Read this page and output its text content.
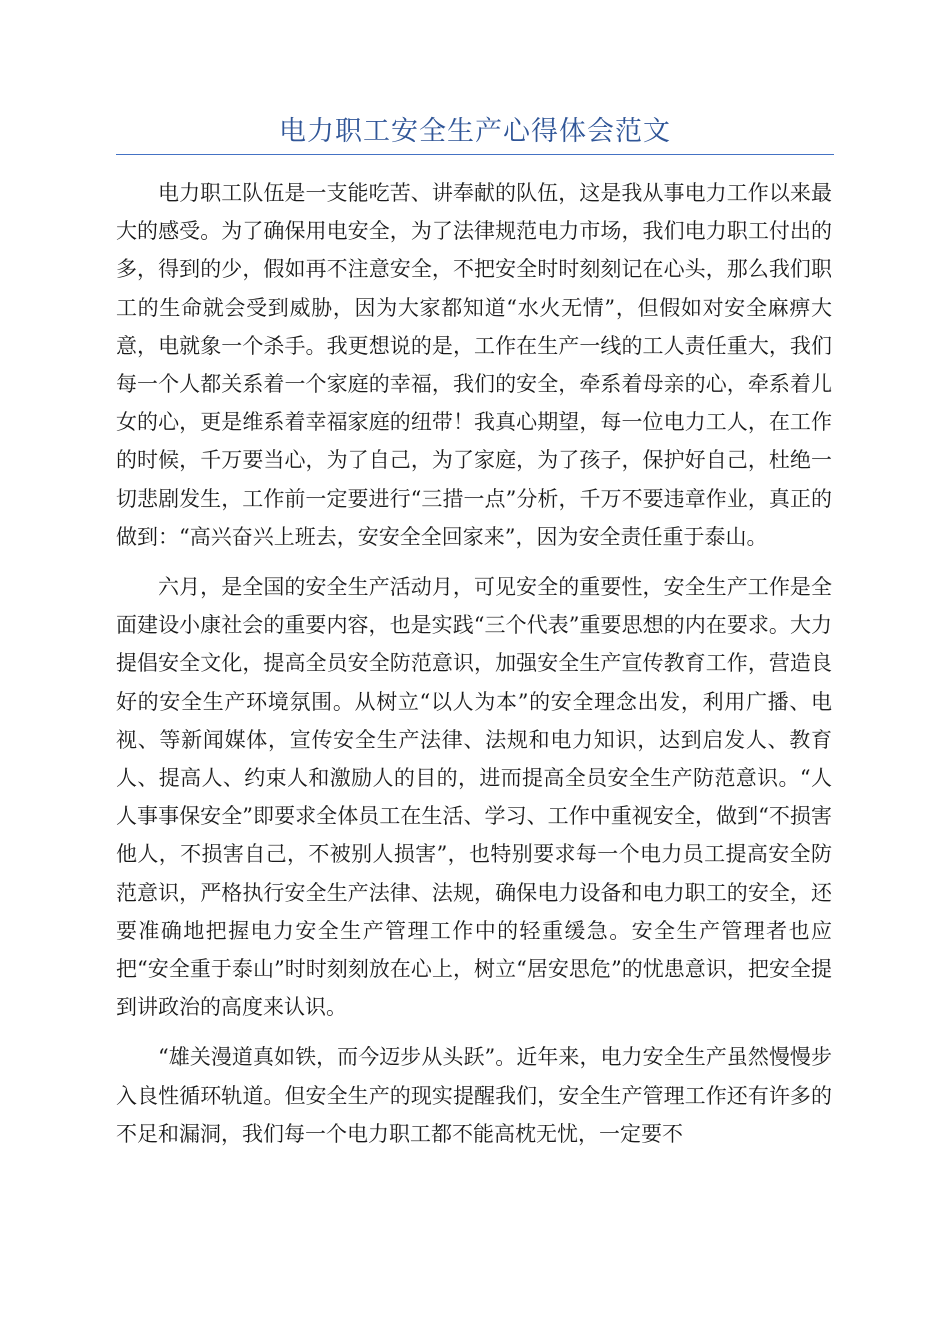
电力职工安全生产心得体会范文

电力职工队伍是一支能吃苦、讲奉献的队伍，这是我从事电力工作以来最大的感受。为了确保用电安全，为了法律规范电力市场，我们电力职工付出的多，得到的少，假如再不注意安全，不把安全时时刻刻记在心头，那么我们职工的生命就会受到威胁，因为大家都知道“水火无情”，但假如对安全麻痹大意，电就象一个杀手。我更想说的是，工作在生产一线的工人责任重大，我们每一个人都关系着一个家庭的幸福，我们的安全，牵系着母亲的心，牵系着儿女的心，更是维系着幸福家庭的纽带！我真心期望，每一位电力工人，在工作的时候，千万要当心，为了自己，为了家庭，为了孩子，保护好自己，杜绝一切悲剧发生，工作前一定要进行“三措一点”分析，千万不要违章作业，真正的做到：“高兴奋兴上班去，安安全全回家来”，因为安全责任重于泰山。

六月，是全国的安全生产活动月，可见安全的重要性，安全生产工作是全面建设小康社会的重要内容，也是实践“三个代表”重要思想的内在要求。大力提倡安全文化，提高全员安全防范意识，加强安全生产宣传教育工作，营造良好的安全生产环境氛围。从树立“以人为本”的安全理念出发，利用广播、电视、等新闻媒体，宣传安全生产法律、法规和电力知识，达到启发人、教育人、提高人、约束人和激励人的目的，进而提高全员安全生产防范意识。“人人事事保安全”即要求全体员工在生活、学习、工作中重视安全，做到“不损害他人，不损害自己，不被别人损害”，也特别要求每一个电力员工提高安全防范意识，严格执行安全生产法律、法规，确保电力设备和电力职工的安全，还要准确地把握电力安全生产管理工作中的轻重缓急。安全生产管理者也应把“安全重于泰山”时时刻刻放在心上，树立“居安思危”的忧患意识，把安全提到讲政治的高度来认识。

“雄关漫道真如铁，而今迈步从头跃”。近年来，电力安全生产虽然慢慢步入良性循环轨道。但安全生产的现实提醒我们，安全生产管理工作还有许多的不足和漏洞，我们每一个电力职工都不能高枕无忧，一定要不
